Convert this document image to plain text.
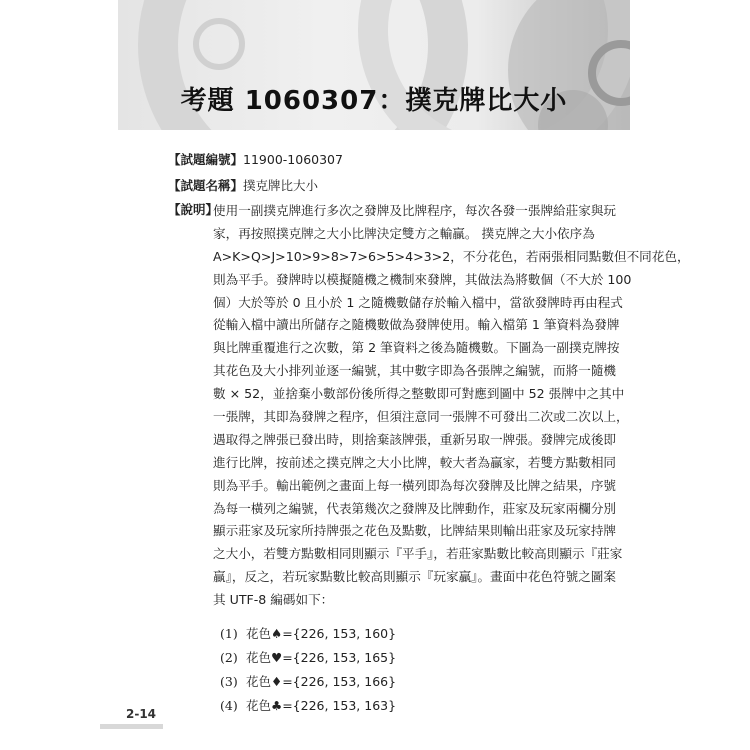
考題 1060307：撲克牌比大小
【試題編號】11900-1060307
【試題名稱】撲克牌比大小
【說明】
使用一副撲克牌進行多次之發牌及比牌程序，每次各發一張牌給莊家與玩
家，再按照撲克牌之大小比牌決定雙方之輸贏。 撲克牌之大小依序為
A>K>Q>J>10>9>8>7>6>5>4>3>2，不分花色，若兩張相同點數但不同花色，
則為平手。發牌時以模擬隨機之機制來發牌，其做法為將數個（不大於 100
個）大於等於 0 且小於 1 之隨機數儲存於輸入檔中，當欲發牌時再由程式
從輸入檔中讀出所儲存之隨機數做為發牌使用。輸入檔第 1 筆資料為發牌
與比牌重覆進行之次數，第 2 筆資料之後為隨機數。下圖為一副撲克牌按
其花色及大小排列並逐一編號，其中數字即為各張牌之編號，而將一隨機
數 × 52，並捨棄小數部份後所得之整數即可對應到圖中 52 張牌中之其中
一張牌，其即為發牌之程序，但須注意同一張牌不可發出二次或二次以上，
遇取得之牌張已發出時，則捨棄該牌張，重新另取一牌張。發牌完成後即
進行比牌，按前述之撲克牌之大小比牌，較大者為贏家，若雙方點數相同
則為平手。輸出範例之畫面上每一橫列即為每次發牌及比牌之結果，序號
為每一橫列之編號，代表第幾次之發牌及比牌動作，莊家及玩家兩欄分別
顯示莊家及玩家所持牌張之花色及點數，比牌結果則輸出莊家及玩家持牌
之大小，若雙方點數相同則顯示『平手』，若莊家點數比較高則顯示『莊家
贏』，反之，若玩家點數比較高則顯示『玩家贏』。畫面中花色符號之圖案
其 UTF-8 編碼如下：
(1) 花色♠={226, 153, 160}
(2) 花色♥={226, 153, 165}
(3) 花色♦={226, 153, 166}
(4) 花色♣={226, 153, 163}
2-14
